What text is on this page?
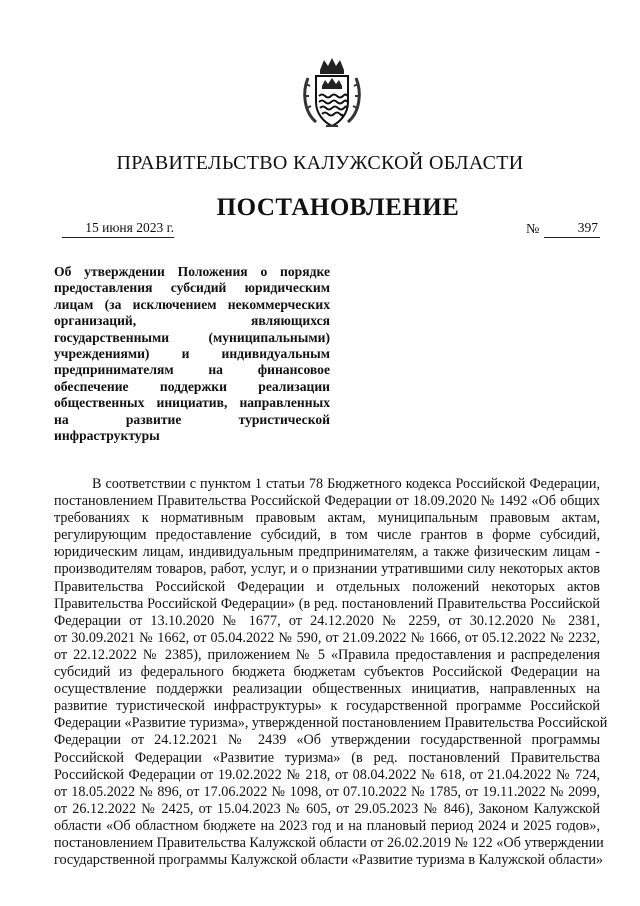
ПРАВИТЕЛЬСТВО КАЛУЖСКОЙ ОБЛАСТИ
ПОСТАНОВЛЕНИЕ
15 июня 2023 г.	№	397
Об утверждении Положения о порядке
предоставления субсидий юридическим
лицам (за исключением некоммерческих
организаций, являющихся
государственными (муниципальными)
учреждениями) и индивидуальным
предпринимателям на финансовое
обеспечение поддержки реализации
общественных инициатив, направленных
на развитие туристической
инфраструктуры
В соответствии с пунктом 1 статьи 78 Бюджетного кодекса Российской Федерации,
постановлением Правительства Российской Федерации от 18.09.2020 № 1492 «Об общих
требованиях к нормативным правовым актам, муниципальным правовым актам,
регулирующим предоставление субсидий, в том числе грантов в форме субсидий,
юридическим лицам, индивидуальным предпринимателям, а также физическим лицам -
производителям товаров, работ, услуг, и о признании утратившими силу некоторых актов
Правительства Российской Федерации и отдельных положений некоторых актов
Правительства Российской Федерации» (в ред. постановлений Правительства Российской
Федерации от 13.10.2020 № 1677, от 24.12.2020 № 2259, от 30.12.2020 № 2381,
от 30.09.2021 № 1662, от 05.04.2022 № 590, от 21.09.2022 № 1666, от 05.12.2022 № 2232,
от 22.12.2022 № 2385), приложением № 5 «Правила предоставления и распределения
субсидий из федерального бюджета бюджетам субъектов Российской Федерации на
осуществление поддержки реализации общественных инициатив, направленных на
развитие туристической инфраструктуры» к государственной программе Российской
Федерации «Развитие туризма», утвержденной постановлением Правительства Российской
Федерации от 24.12.2021 № 2439 «Об утверждении государственной программы
Российской Федерации «Развитие туризма» (в ред. постановлений Правительства
Российской Федерации от 19.02.2022 № 218, от 08.04.2022 № 618, от 21.04.2022 № 724,
от 18.05.2022 № 896, от 17.06.2022 № 1098, от 07.10.2022 № 1785, от 19.11.2022 № 2099,
от 26.12.2022 № 2425, от 15.04.2023 № 605, от 29.05.2023 № 846), Законом Калужской
области «Об областном бюджете на 2023 год и на плановый период 2024 и 2025 годов»,
постановлением Правительства Калужской области от 26.02.2019 № 122 «Об утверждении
государственной программы Калужской области «Развитие туризма в Калужской области»
